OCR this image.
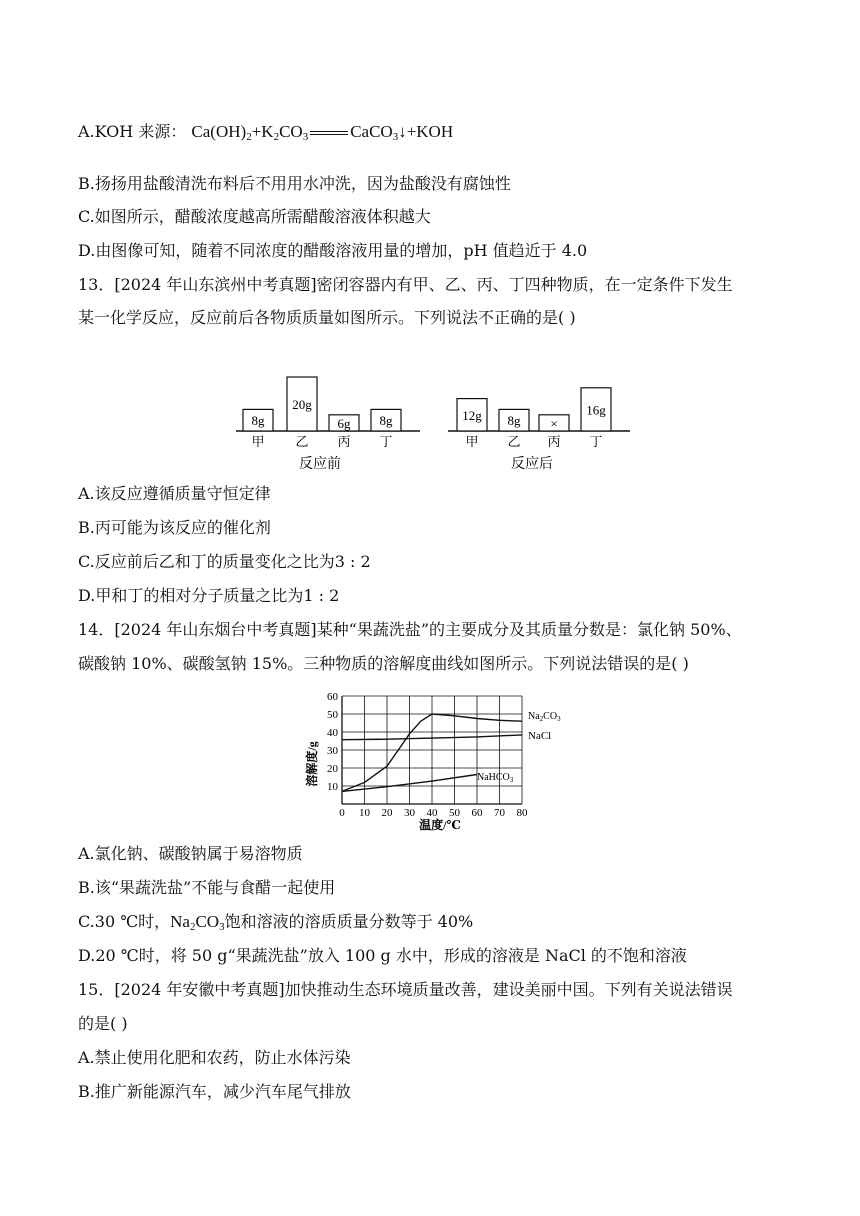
A.KOH 来源： $Ca(OH)_2+K_2CO_3$ CaCO$_3$↓+KOH
B.扬扬用盐酸清洗布料后不用用水冲洗，因为盐酸没有腐蚀性
C.如图所示，醋酸浓度越高所需醋酸溶液体积越大
D.由图像可知，随着不同浓度的醋酸溶液用量的增加，pH 值趋近于 4.0
13．[2024 年山东滨州中考真题]密闭容器内有甲、乙、丙、丁四种物质，在一定条件下发生
某一化学反应，反应前后各物质质量如图所示。下列说法不正确的是( )
8g
甲
20g
乙
6g
丙
8g
丁
反应前
12g
甲
8g
乙
×
丙
16g
丁
反应后
A.该反应遵循质量守恒定律
B.丙可能为该反应的催化剂
C.反应前后乙和丁的质量变化之比为3 : 2
D.甲和丁的相对分子质量之比为1 : 2
14．[2024 年山东烟台中考真题]某种“果蔬洗盐”的主要成分及其质量分数是：氯化钠 50%、
碳酸钠 10%、碳酸氢钠 15%。三种物质的溶解度曲线如图所示。下列说法错误的是( )
0 10 20 30 40 50 60 70 80
10
20
30
40
50
60
溶解度/g
温度/℃
$Na_2CO_3$
NaCl
NaHCO$_3$
A.氯化钠、碳酸钠属于易溶物质
B.该“果蔬洗盐”不能与食醋一起使用
C.30 ℃时，$Na_2CO_3$饱和溶液的溶质质量分数等于 40%
D.20 ℃时，将 50 g“果蔬洗盐”放入 100 g 水中，形成的溶液是 NaCl 的不饱和溶液
15．[2024 年安徽中考真题]加快推动生态环境质量改善，建设美丽中国。下列有关说法错误
的是( )
A.禁止使用化肥和农药，防止水体污染
B.推广新能源汽车，减少汽车尾气排放
